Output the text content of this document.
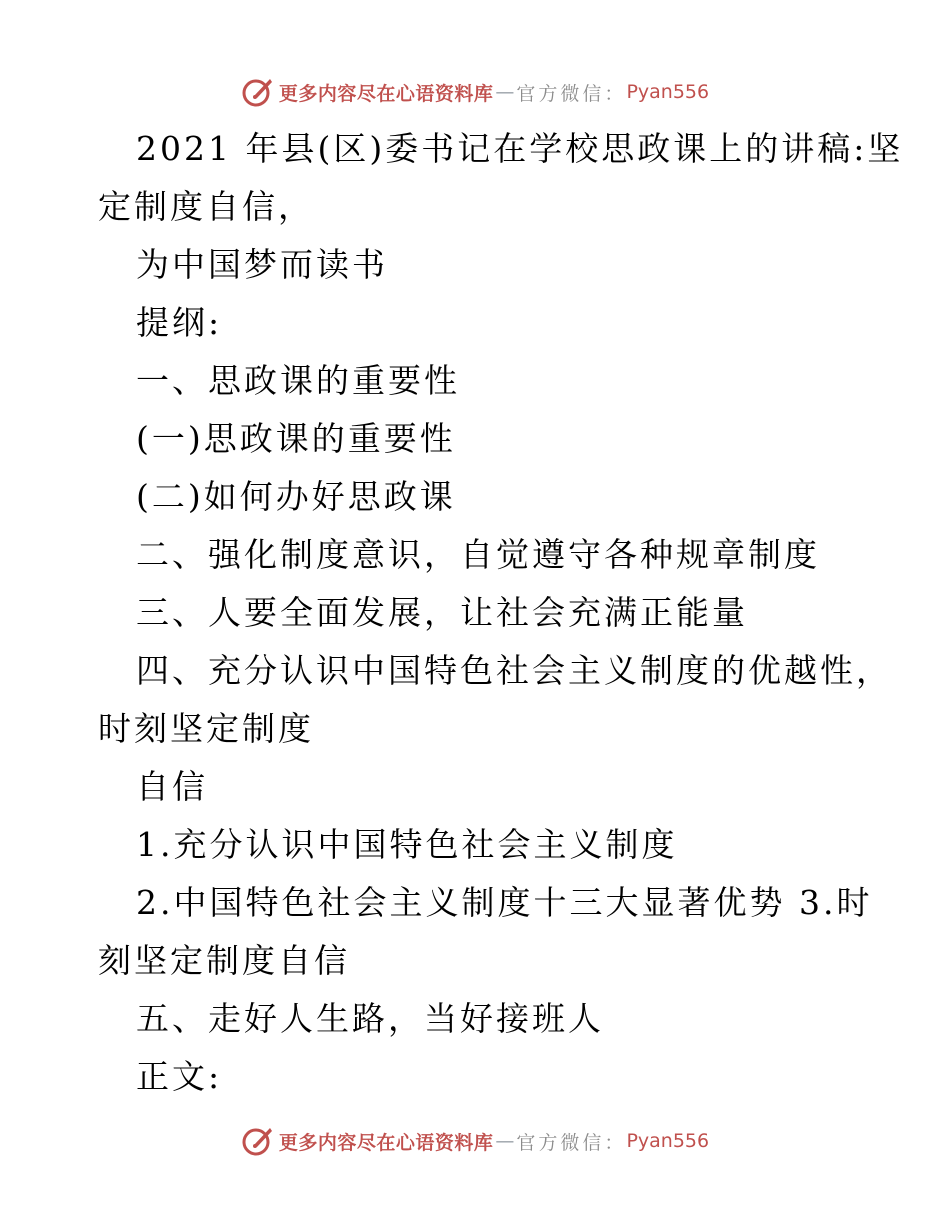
更多内容尽在心语资料库 — 官方微信： Pyan556
2021 年县(区)委书记在学校思政课上的讲稿:坚
定制度自信，
为中国梦而读书
提纲:
一、思政课的重要性
(一)思政课的重要性
(二)如何办好思政课
二、强化制度意识，自觉遵守各种规章制度
三、人要全面发展，让社会充满正能量
四、充分认识中国特色社会主义制度的优越性，
时刻坚定制度
自信
1.充分认识中国特色社会主义制度
2.中国特色社会主义制度十三大显著优势 3.时
刻坚定制度自信
五、走好人生路，当好接班人
正文:
更多内容尽在心语资料库 — 官方微信： Pyan556
